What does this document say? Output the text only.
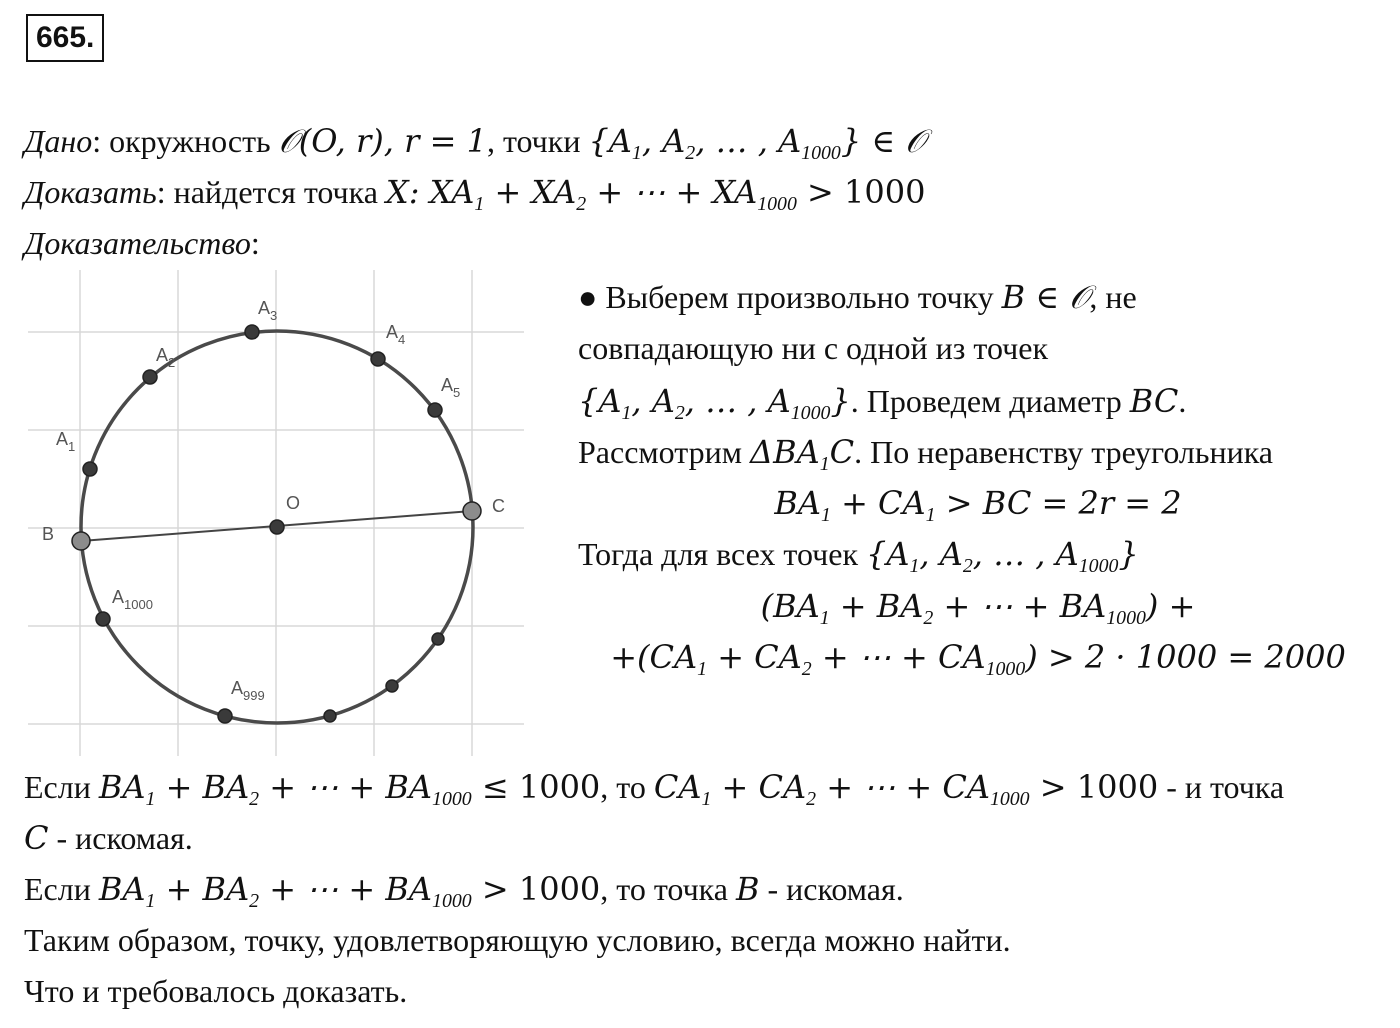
665.
Дано: окружность 𝒪(O, r), r = 1, точки {$A_1$, $A_2$, … , $A_{1000}$} ∈ 𝒪
Доказать: найдется точка X: $XA_1 + XA_2$ + ⋯ + $XA_{1000} > 1000$
Доказательство:
$A_1$
$A_2$
$A_3$
$A_4$
$A_5$
$A_{1000}$
$A_{999}$
O
B
C
● Выберем произвольно точку B ∈ 𝒪, не
совпадающую ни с одной из точек
{$A_1$, $A_2$, … , $A_{1000}$}. Проведем диаметр BC.
Рассмотрим $\Delta BA_1C$. По неравенству треугольника
$BA_1 + CA_1$ > BC = 2r = 2
Тогда для всех точек {$A_1$, $A_2$, … , $A_{1000}$}
($BA_1 + BA_2$ + ⋯ + $BA_{1000}$) +
$+(CA_1 + CA_2$ + ⋯ + $CA_{1000}) > 2 \cdot 1000 = 2000$
Если $BA_1 + BA_2$ + ⋯ + $BA_{1000} \le 1000$, то $CA_1 + CA_2$ + ⋯ + $CA_{1000} > 1000 - и$ точка
C - искомая.
Если $BA_1 + BA_2$ + ⋯ + $BA_{1000} > 1000$, то точка B - искомая.
Таким образом, точку, удовлетворяющую условию, всегда можно найти.
Что и требовалось доказать.
